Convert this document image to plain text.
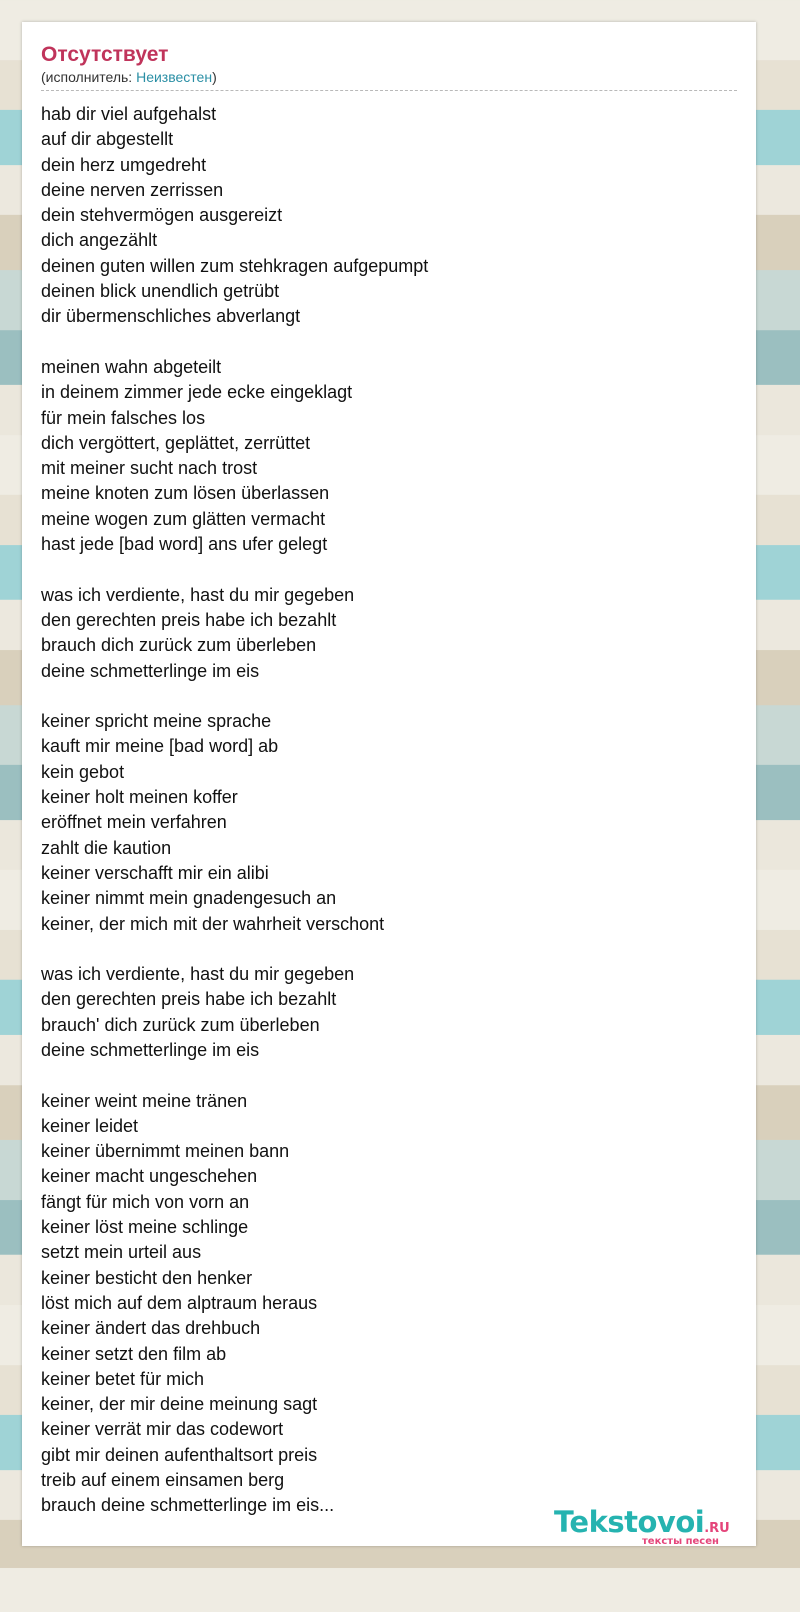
Отсутствует
(исполнитель: Неизвестен)
hab dir viel aufgehalst
auf dir abgestellt
dein herz umgedreht
deine nerven zerrissen
dein stehvermögen ausgereizt
dich angezählt
deinen guten willen zum stehkragen aufgepumpt
deinen blick unendlich getrübt
dir übermenschliches abverlangt

meinen wahn abgeteilt
in deinem zimmer jede ecke eingeklagt
für mein falsches los
dich vergöttert, geplättet, zerrüttet
mit meiner sucht nach trost
meine knoten zum lösen überlassen
meine wogen zum glätten vermacht
hast jede [bad word] ans ufer gelegt

was ich verdiente, hast du mir gegeben
den gerechten preis habe ich bezahlt
brauch dich zurück zum überleben
deine schmetterlinge im eis

keiner spricht meine sprache
kauft mir meine [bad word] ab
kein gebot
keiner holt meinen koffer
eröffnet mein verfahren
zahlt die kaution
keiner verschafft mir ein alibi
keiner nimmt mein gnadengesuch an
keiner, der mich mit der wahrheit verschont

was ich verdiente, hast du mir gegeben
den gerechten preis habe ich bezahlt
brauch' dich zurück zum überleben
deine schmetterlinge im eis

keiner weint meine tränen
keiner leidet
keiner übernimmt meinen bann
keiner macht ungeschehen
fängt für mich von vorn an
keiner löst meine schlinge
setzt mein urteil aus
keiner besticht den henker
löst mich auf dem alptraum heraus
keiner ändert das drehbuch
keiner setzt den film ab
keiner betet für mich
keiner, der mir deine meinung sagt
keiner verrät mir das codewort
gibt mir deinen aufenthaltsort preis
treib auf einem einsamen berg
brauch deine schmetterlinge im eis...	Tekstovoi.RU
тексты песен
